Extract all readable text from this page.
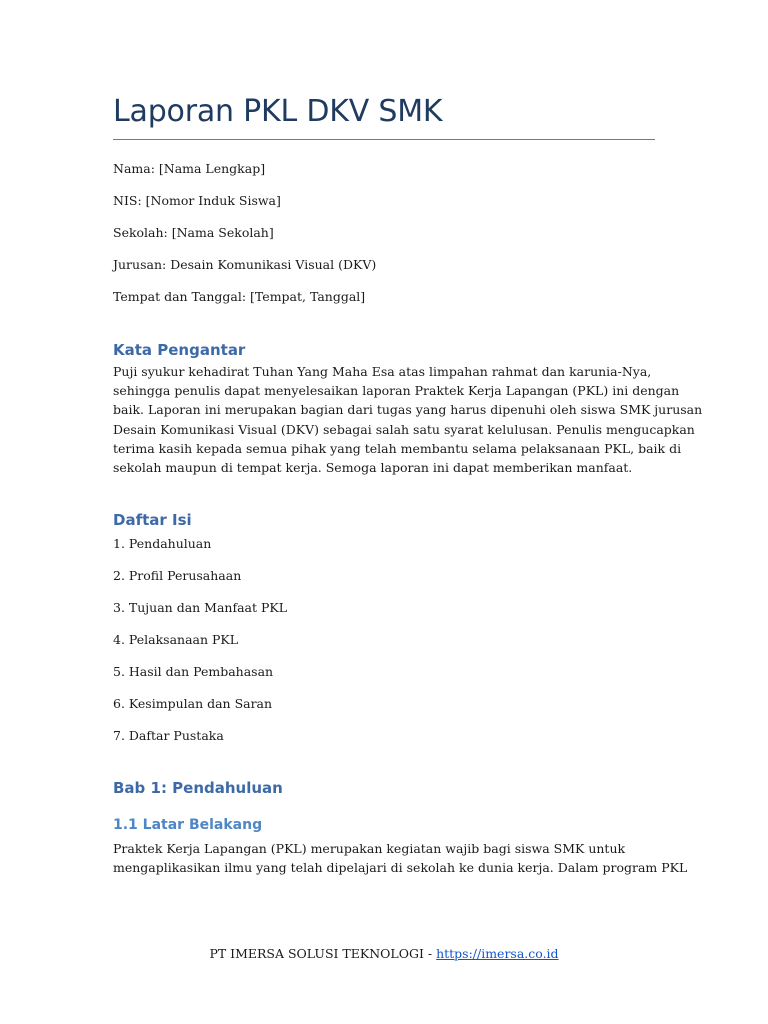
Laporan PKL DKV SMK
Nama: [Nama Lengkap]
NIS: [Nomor Induk Siswa]
Sekolah: [Nama Sekolah]
Jurusan: Desain Komunikasi Visual (DKV)
Tempat dan Tanggal: [Tempat, Tanggal]
Kata Pengantar

Puji syukur kehadirat Tuhan Yang Maha Esa atas limpahan rahmat dan karunia-Nya,
sehingga penulis dapat menyelesaikan laporan Praktek Kerja Lapangan (PKL) ini dengan
baik. Laporan ini merupakan bagian dari tugas yang harus dipenuhi oleh siswa SMK jurusan
Desain Komunikasi Visual (DKV) sebagai salah satu syarat kelulusan. Penulis mengucapkan
terima kasih kepada semua pihak yang telah membantu selama pelaksanaan PKL, baik di
sekolah maupun di tempat kerja. Semoga laporan ini dapat memberikan manfaat.

Daftar Isi
1. Pendahuluan
2. Profil Perusahaan
3. Tujuan dan Manfaat PKL
4. Pelaksanaan PKL
5. Hasil dan Pembahasan
6. Kesimpulan dan Saran
7. Daftar Pustaka
Bab 1: Pendahuluan
1.1 Latar Belakang

Praktek Kerja Lapangan (PKL) merupakan kegiatan wajib bagi siswa SMK untuk
mengaplikasikan ilmu yang telah dipelajari di sekolah ke dunia kerja. Dalam program PKL

PT IMERSA SOLUSI TEKNOLOGI - https://imersa.co.id
